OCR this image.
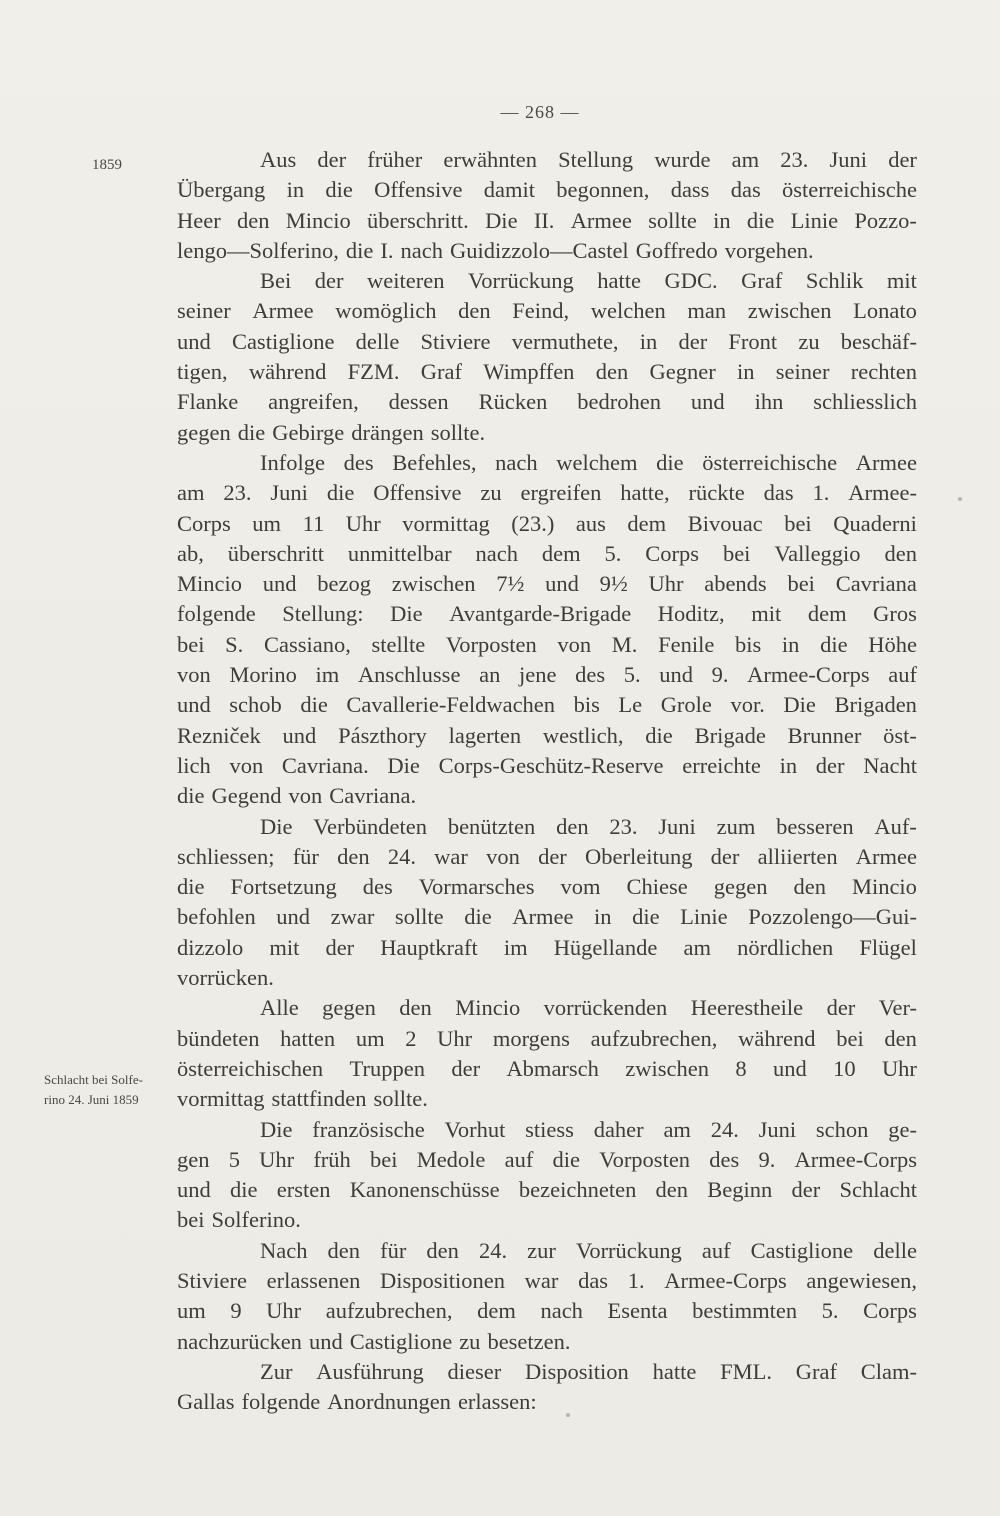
— 268 —
1859
Schlacht bei Solfe-
rino 24. Juni 1859
Aus der früher erwähnten Stellung wurde am 23. Juni der
Übergang in die Offensive damit begonnen, dass das österreichische
Heer den Mincio überschritt. Die II. Armee sollte in die Linie Pozzo-
lengo—Solferino, die I. nach Guidizzolo—Castel Goffredo vorgehen.
Bei der weiteren Vorrückung hatte GDC. Graf Schlik mit
seiner Armee womöglich den Feind, welchen man zwischen Lonato
und Castiglione delle Stiviere vermuthete, in der Front zu beschäf-
tigen, während FZM. Graf Wimpffen den Gegner in seiner rechten
Flanke angreifen, dessen Rücken bedrohen und ihn schliesslich
gegen die Gebirge drängen sollte.
Infolge des Befehles, nach welchem die österreichische Armee
am 23. Juni die Offensive zu ergreifen hatte, rückte das 1. Armee-
Corps um 11 Uhr vormittag (23.) aus dem Bivouac bei Quaderni
ab, überschritt unmittelbar nach dem 5. Corps bei Valleggio den
Mincio und bezog zwischen 7½ und 9½ Uhr abends bei Cavriana
folgende Stellung: Die Avantgarde-Brigade Hoditz, mit dem Gros
bei S. Cassiano, stellte Vorposten von M. Fenile bis in die Höhe
von Morino im Anschlusse an jene des 5. und 9. Armee-Corps auf
und schob die Cavallerie-Feldwachen bis Le Grole vor. Die Brigaden
Rezniček und Pászthory lagerten westlich, die Brigade Brunner öst-
lich von Cavriana. Die Corps-Geschütz-Reserve erreichte in der Nacht
die Gegend von Cavriana.
Die Verbündeten benützten den 23. Juni zum besseren Auf-
schliessen; für den 24. war von der Oberleitung der alliierten Armee
die Fortsetzung des Vormarsches vom Chiese gegen den Mincio
befohlen und zwar sollte die Armee in die Linie Pozzolengo—Gui-
dizzolo mit der Hauptkraft im Hügellande am nördlichen Flügel
vorrücken.
Alle gegen den Mincio vorrückenden Heerestheile der Ver-
bündeten hatten um 2 Uhr morgens aufzubrechen, während bei den
österreichischen Truppen der Abmarsch zwischen 8 und 10 Uhr
vormittag stattfinden sollte.
Die französische Vorhut stiess daher am 24. Juni schon ge-
gen 5 Uhr früh bei Medole auf die Vorposten des 9. Armee-Corps
und die ersten Kanonenschüsse bezeichneten den Beginn der Schlacht
bei Solferino.
Nach den für den 24. zur Vorrückung auf Castiglione delle
Stiviere erlassenen Dispositionen war das 1. Armee-Corps angewiesen,
um 9 Uhr aufzubrechen, dem nach Esenta bestimmten 5. Corps
nachzurücken und Castiglione zu besetzen.
Zur Ausführung dieser Disposition hatte FML. Graf Clam-
Gallas folgende Anordnungen erlassen:
